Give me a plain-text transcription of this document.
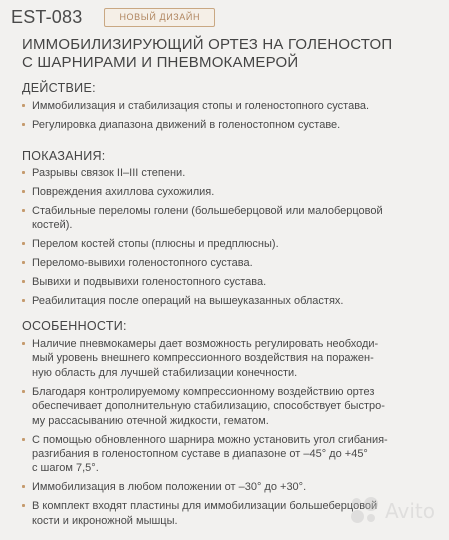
EST-083	НОВЫЙ ДИЗАЙН
ИММОБИЛИЗИРУЮЩИЙ ОРТЕЗ НА ГОЛЕНОСТОП
С ШАРНИРАМИ И ПНЕВМОКАМЕРОЙ
ДЕЙСТВИЕ:
Иммобилизация и стабилизация стопы и голеностопного сустава.
Регулировка диапазона движений в голеностопном суставе.
ПОКАЗАНИЯ:
Разрывы связок II–III степени.
Повреждения ахиллова сухожилия.
Стабильные переломы голени (большеберцовой или малоберцовой
костей).
Перелом костей стопы (плюсны и предплюсны).
Переломо-вывихи голеностопного сустава.
Вывихи и подвывихи голеностопного сустава.
Реабилитация после операций на вышеуказанных областях.
ОСОБЕННОСТИ:
Наличие пневмокамеры дает возможность регулировать необходи-
мый уровень внешнего компрессионного воздействия на поражен-
ную область для лучшей стабилизации конечности.
Благодаря контролируемому компрессионному воздействию ортез
обеспечивает дополнительную стабилизацию, способствует быстро-
му рассасыванию отечной жидкости, гематом.
С помощью обновленного шарнира можно установить угол сгибания-
разгибания в голеностопном суставе в диапазоне от –45° до +45°
с шагом 7,5°.
Иммобилизация в любом положении от –30° до +30°.
В комплект входят пластины для иммобилизации большеберцовой
кости и икроножной мышцы.	Avito
